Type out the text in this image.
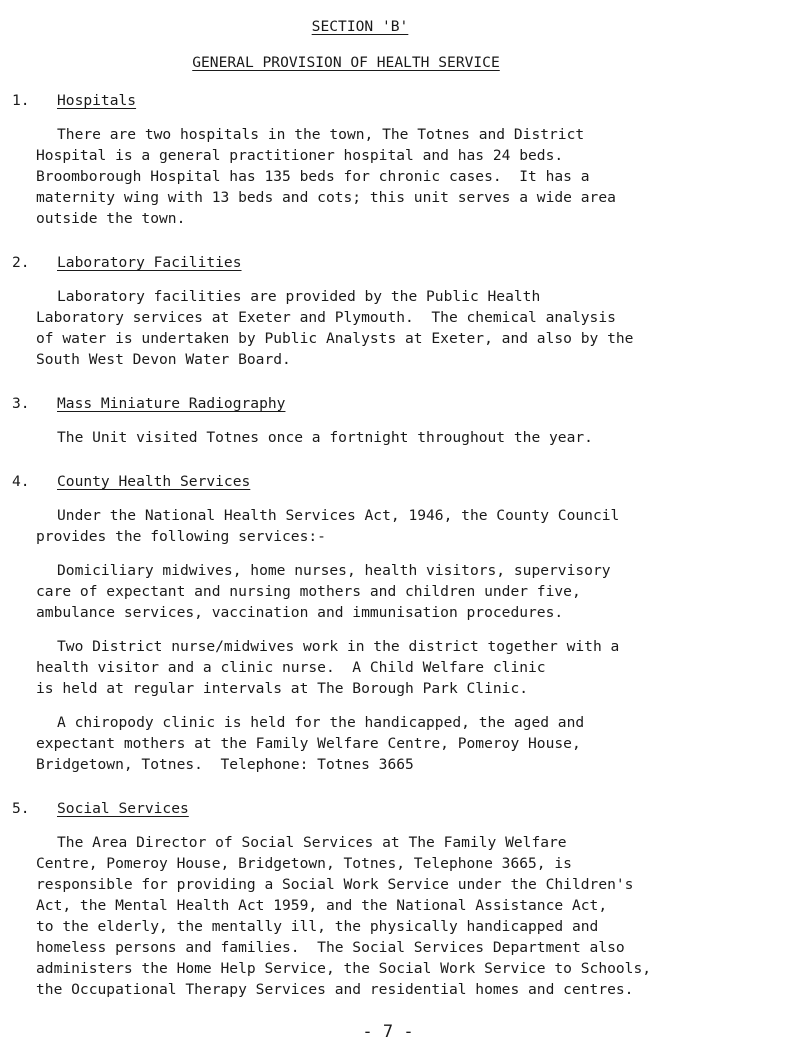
SECTION 'B'
GENERAL PROVISION OF HEALTH SERVICE
1.	Hospitals
There are two hospitals in the town, The Totnes and District
Hospital is a general practitioner hospital and has 24 beds.
Broomborough Hospital has 135 beds for chronic cases.  It has a
maternity wing with 13 beds and cots; this unit serves a wide area
outside the town.
2.	Laboratory Facilities
Laboratory facilities are provided by the Public Health
Laboratory services at Exeter and Plymouth.  The chemical analysis
of water is undertaken by Public Analysts at Exeter, and also by the
South West Devon Water Board.
3.	Mass Miniature Radiography
The Unit visited Totnes once a fortnight throughout the year.
4.	County Health Services
Under the National Health Services Act, 1946, the County Council
provides the following services:-
Domiciliary midwives, home nurses, health visitors, supervisory
care of expectant and nursing mothers and children under five,
ambulance services, vaccination and immunisation procedures.
Two District nurse/midwives work in the district together with a
health visitor and a clinic nurse.  A Child Welfare clinic
is held at regular intervals at The Borough Park Clinic.
A chiropody clinic is held for the handicapped, the aged and
expectant mothers at the Family Welfare Centre, Pomeroy House,
Bridgetown, Totnes.  Telephone: Totnes 3665
5.	Social Services
The Area Director of Social Services at The Family Welfare
Centre, Pomeroy House, Bridgetown, Totnes, Telephone 3665, is
responsible for providing a Social Work Service under the Children's
Act, the Mental Health Act 1959, and the National Assistance Act,
to the elderly, the mentally ill, the physically handicapped and
homeless persons and families.  The Social Services Department also
administers the Home Help Service, the Social Work Service to Schools,
the Occupational Therapy Services and residential homes and centres.
- 7 -
